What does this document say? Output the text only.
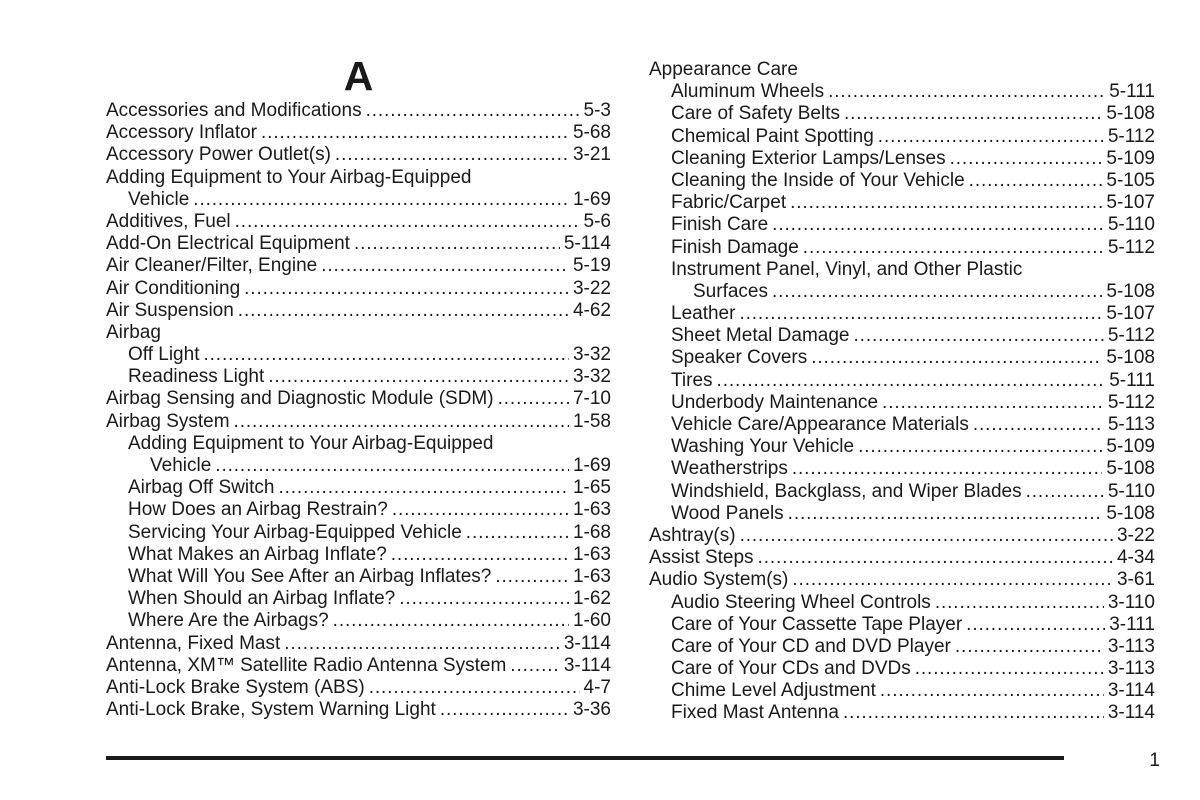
A
Accessories and Modifications . . .	5-3
Accessory Inflator . . .	5-68
Accessory Power Outlet(s) . . .	3-21
Adding Equipment to Your Airbag-Equipped
Vehicle . . .	1-69
Additives, Fuel . . .	5-6
Add-On Electrical Equipment . . .	5-114
Air Cleaner/Filter, Engine . . .	5-19
Air Conditioning . . .	3-22
Air Suspension . . .	4-62
Airbag
Off Light . . .	3-32
Readiness Light . . .	3-32
Airbag Sensing and Diagnostic Module (SDM) . . .	7-10
Airbag System . . .	1-58
Adding Equipment to Your Airbag-Equipped
Vehicle . . .	1-69
Airbag Off Switch . . .	1-65
How Does an Airbag Restrain? . . .	1-63
Servicing Your Airbag-Equipped Vehicle . . .	1-68
What Makes an Airbag Inflate? . . .	1-63
What Will You See After an Airbag Inflates? . . .	1-63
When Should an Airbag Inflate? . . .	1-62
Where Are the Airbags? . . .	1-60
Antenna, Fixed Mast . . .	3-114
Antenna, XM™ Satellite Radio Antenna System . . .	3-114
Anti-Lock Brake System (ABS) . . .	4-7
Anti-Lock Brake, System Warning Light . . .	3-36
Appearance Care
Aluminum Wheels . . .	5-111
Care of Safety Belts . . .	5-108
Chemical Paint Spotting . . .	5-112
Cleaning Exterior Lamps/Lenses . . .	5-109
Cleaning the Inside of Your Vehicle . . .	5-105
Fabric/Carpet . . .	5-107
Finish Care . . .	5-110
Finish Damage . . .	5-112
Instrument Panel, Vinyl, and Other Plastic
Surfaces . . .	5-108
Leather . . .	5-107
Sheet Metal Damage . . .	5-112
Speaker Covers . . .	5-108
Tires . . .	5-111
Underbody Maintenance . . .	5-112
Vehicle Care/Appearance Materials . . .	5-113
Washing Your Vehicle . . .	5-109
Weatherstrips . . .	5-108
Windshield, Backglass, and Wiper Blades . . .	5-110
Wood Panels . . .	5-108
Ashtray(s) . . .	3-22
Assist Steps . . .	4-34
Audio System(s) . . .	3-61
Audio Steering Wheel Controls . . .	3-110
Care of Your Cassette Tape Player . . .	3-111
Care of Your CD and DVD Player . . .	3-113
Care of Your CDs and DVDs . . .	3-113
Chime Level Adjustment . . .	3-114
Fixed Mast Antenna . . .	3-114
1
